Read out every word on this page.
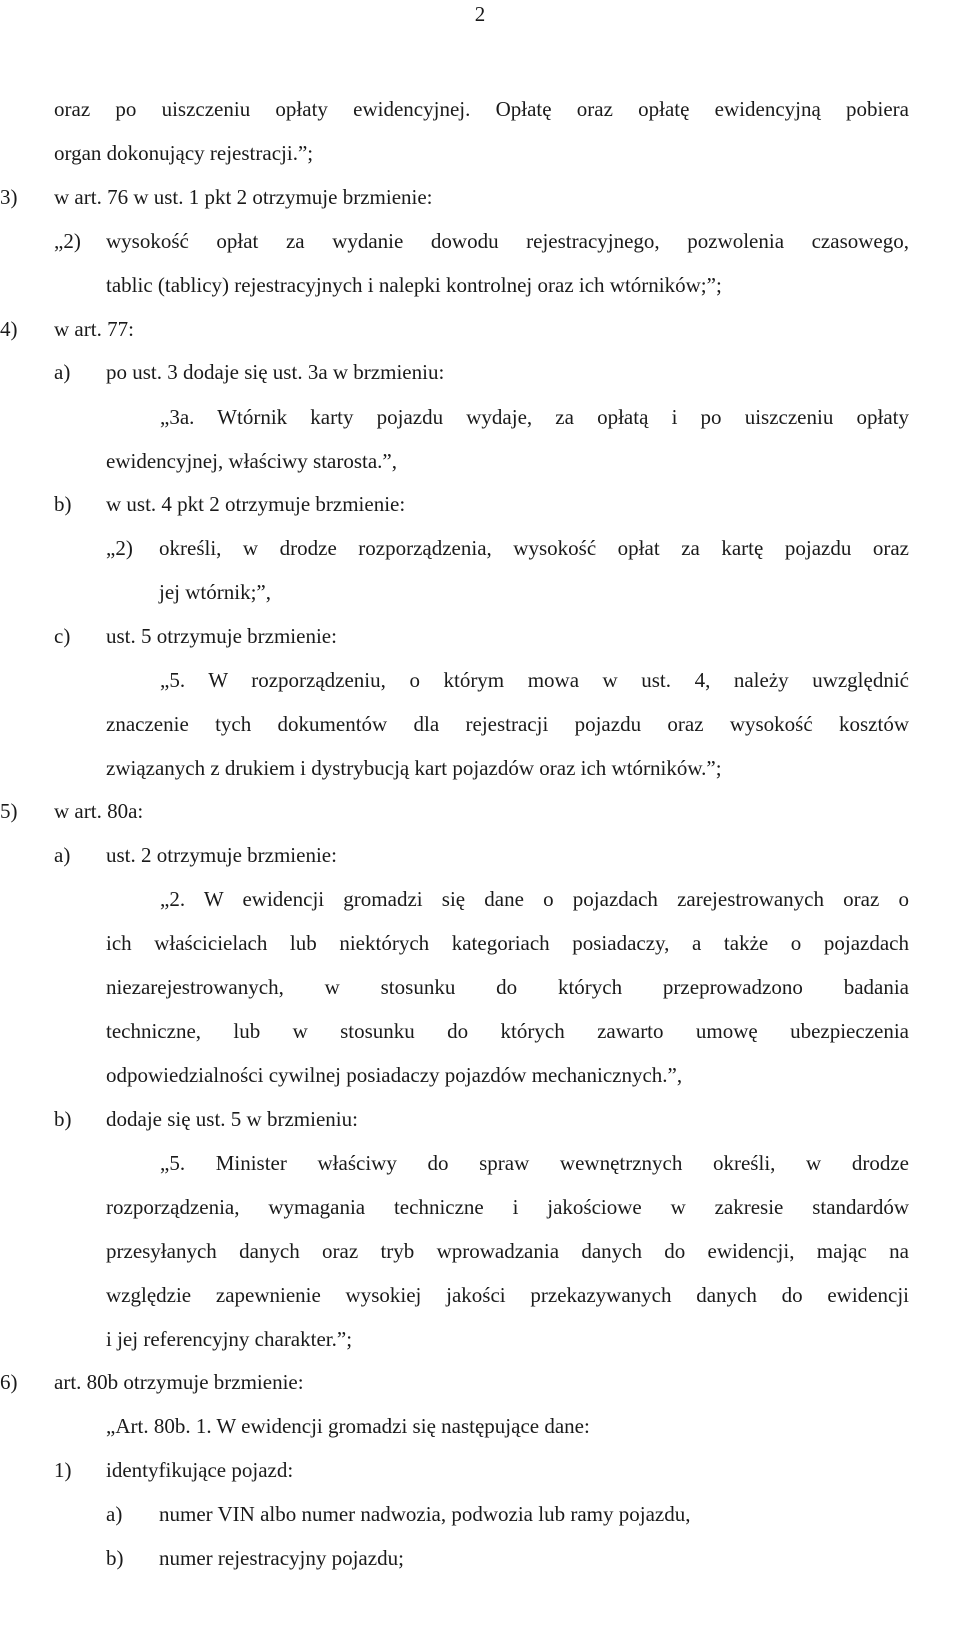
2
oraz po uiszczeniu opłaty ewidencyjnej. Opłatę oraz opłatę ewidencyjną pobiera
organ dokonujący rejestracji.”;
3) w art. 76 w ust. 1 pkt 2 otrzymuje brzmienie:
„2) wysokość opłat za wydanie dowodu rejestracyjnego, pozwolenia czasowego,
tablic (tablicy) rejestracyjnych i nalepki kontrolnej oraz ich wtórników;”;
4) w art. 77:
a) po ust. 3 dodaje się ust. 3a w brzmieniu:
„3a. Wtórnik karty pojazdu wydaje, za opłatą i po uiszczeniu opłaty
ewidencyjnej, właściwy starosta.”,
b) w ust. 4 pkt 2 otrzymuje brzmienie:
„2) określi, w drodze rozporządzenia, wysokość opłat za kartę pojazdu oraz
jej wtórnik;”,
c) ust. 5 otrzymuje brzmienie:
„5. W rozporządzeniu, o którym mowa w ust. 4, należy uwzględnić
znaczenie tych dokumentów dla rejestracji pojazdu oraz wysokość kosztów
związanych z drukiem i dystrybucją kart pojazdów oraz ich wtórników.”;
5) w art. 80a:
a) ust. 2 otrzymuje brzmienie:
„2. W ewidencji gromadzi się dane o pojazdach zarejestrowanych oraz o
ich właścicielach lub niektórych kategoriach posiadaczy, a także o pojazdach
niezarejestrowanych, w stosunku do których przeprowadzono badania
techniczne, lub w stosunku do których zawarto umowę ubezpieczenia
odpowiedzialności cywilnej posiadaczy pojazdów mechanicznych.”,
b) dodaje się ust. 5 w brzmieniu:
„5. Minister właściwy do spraw wewnętrznych określi, w drodze
rozporządzenia, wymagania techniczne i jakościowe w zakresie standardów
przesyłanych danych oraz tryb wprowadzania danych do ewidencji, mając na
względzie zapewnienie wysokiej jakości przekazywanych danych do ewidencji
i jej referencyjny charakter.”;
6) art. 80b otrzymuje brzmienie:
„Art. 80b. 1. W ewidencji gromadzi się następujące dane:
1) identyfikujące pojazd:
a) numer VIN albo numer nadwozia, podwozia lub ramy pojazdu,
b) numer rejestracyjny pojazdu;
